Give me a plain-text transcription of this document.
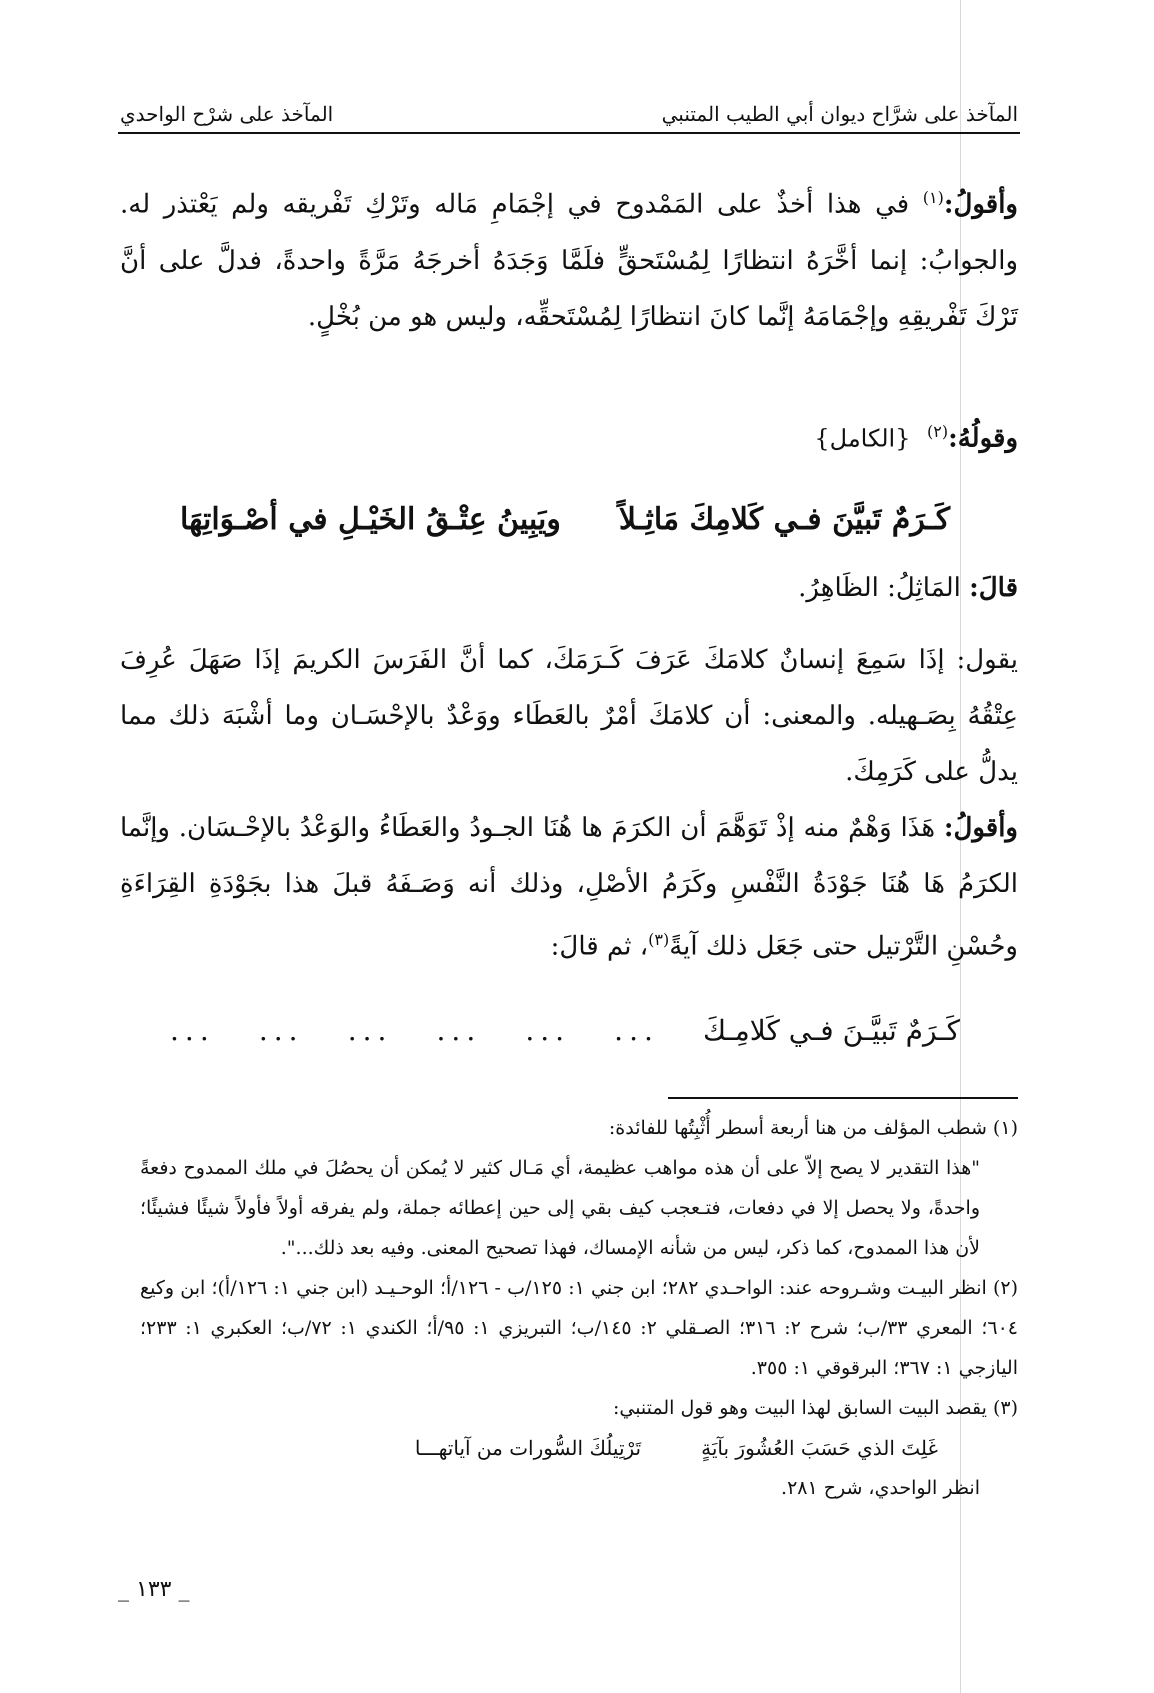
المآخذ على شرَّاح ديوان أبي الطيب المتنبي
المآخذ على شرْح الواحدي

وأقولُ:$^{(١)}$ في هذا أخذٌ على المَمْدوح في إجْمَامِ مَاله وتَرْكِ تَفْريقه ولم يَعْتذر له. والجوابُ: إنما أخَّرَهُ انتظارًا لِمُسْتَحقٍّ فلَمَّا وَجَدَهُ أخرجَهُ مَرَّةً واحدةً، فدلَّ على أنَّ تَرْكَ تَفْريقِهِ وإجْمَامَهُ إنَّما كانَ انتظارًا لِمُسْتَحقِّه، وليس هو من بُخْلٍ.

وقولُهُ:$^{(٢)}$  {الكامل}

كَـرَمٌ تَبيَّنَ فـي كَلامِكَ مَاثِـلاً
ويَبِينُ عِتْـقُ الخَيْـلِ في أصْـوَاتِهَا

قالَ: المَاثِلُ: الظَاهِرُ.

يقول: إذَا سَمِعَ إنسانٌ كلامَكَ عَرَفَ كَـرَمَكَ، كما أنَّ الفَرَسَ الكريمَ إذَا صَهَلَ عُرِفَ عِتْقُهُ بِصَـهيله. والمعنى: أن كلامَكَ أمْرٌ بالعَطَاء ووَعْدٌ بالإحْسَـان وما أشْبَهَ ذلك مما يدلُّ على كَرَمِكَ.

وأقولُ: هَذَا وَهْمٌ منه إذْ تَوَهَّمَ أن الكرَمَ ها هُنَا الجـودُ والعَطَاءُ والوَعْدُ بالإحْـسَان. وإنَّما الكرَمُ هَا هُنَا جَوْدَةُ النَّفْسِ وكَرَمُ الأصْلِ، وذلك أنه وَصَـفَهُ قبلَ هذا بجَوْدَةِ القِرَاءَةِ وحُسْنِ التَّرْتيل حتى جَعَل ذلك آيةً$^{(٣)}$، ثم قالَ:

كَـرَمٌ تَبيَّـنَ فـي كَلامِـكَ
...
...
...
...
...
...

(١) شطب المؤلف من هنا أربعة أسطر أُثْبِتُها للفائدة:

"هذا التقدير لا يصح إلاّ على أن هذه مواهب عظيمة، أي مَـال كثير لا يُمكن أن يحصُلَ في ملك الممدوح دفعةً واحدةً، ولا يحصل إلا في دفعات، فتـعجب كيف بقي إلى حين إعطائه جملة، ولم يفرقه أولاً فأولاً شيئًا فشيئًا؛ لأن هذا الممدوح، كما ذكر، ليس من شأنه الإمساك، فهذا تصحيح المعنى. وفيه بعد ذلك...".

(٢) انظر البيـت وشـروحه عند: الواحـدي ٢٨٢؛ ابن جني ١: ١٢٥/ب - ١٢٦/أ؛ الوحـيـد (ابن جني ١: ١٢٦/أ)؛ ابن وكيع ٦٠٤؛ المعري ٣٣/ب؛ شرح ٢: ٣١٦؛ الصـقلي ٢: ١٤٥/ب؛ التبريزي ١: ٩٥/أ؛ الكندي ١: ٧٢/ب؛ العكبري ١: ٢٣٣؛ اليازجي ١: ٣٦٧؛ البرقوقي ١: ٣٥٥.

(٣) يقصد البيت السابق لهذا البيت وهو قول المتنبي:

غَلِتَ الذي حَسَبَ العُشُورَ بآيَةٍ
تَرْتِيلُكَ السُّورات من آياتهـــا

انظر الواحدي، شرح ٢٨١.

_ ١٣٣ _
